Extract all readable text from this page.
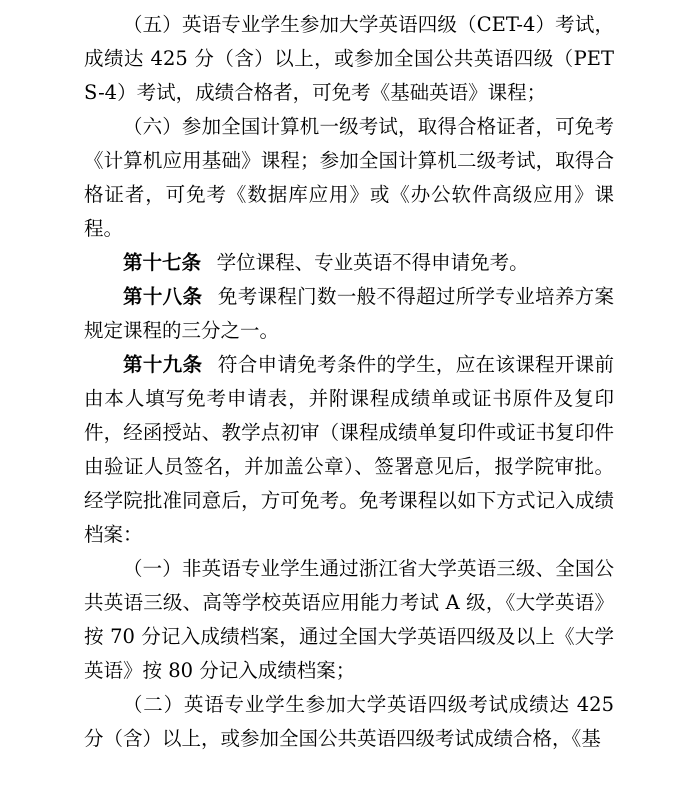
（五）英语专业学生参加大学英语四级（CET-4）考试，成绩达 425 分（含）以上，或参加全国公共英语四级（PETS-4）考试，成绩合格者，可免考《基础英语》课程；

（六）参加全国计算机一级考试，取得合格证者，可免考《计算机应用基础》课程；参加全国计算机二级考试，取得合格证者，可免考《数据库应用》或《办公软件高级应用》课程。

第十七条 学位课程、专业英语不得申请免考。

第十八条 免考课程门数一般不得超过所学专业培养方案规定课程的三分之一。

第十九条 符合申请免考条件的学生，应在该课程开课前由本人填写免考申请表，并附课程成绩单或证书原件及复印件，经函授站、教学点初审（课程成绩单复印件或证书复印件由验证人员签名，并加盖公章）、签署意见后，报学院审批。经学院批准同意后，方可免考。免考课程以如下方式记入成绩档案：

（一）非英语专业学生通过浙江省大学英语三级、全国公共英语三级、高等学校英语应用能力考试 A 级，《大学英语》按 70 分记入成绩档案，通过全国大学英语四级及以上《大学英语》按 80 分记入成绩档案；

（二）英语专业学生参加大学英语四级考试成绩达 425 分（含）以上，或参加全国公共英语四级考试成绩合格，《基
